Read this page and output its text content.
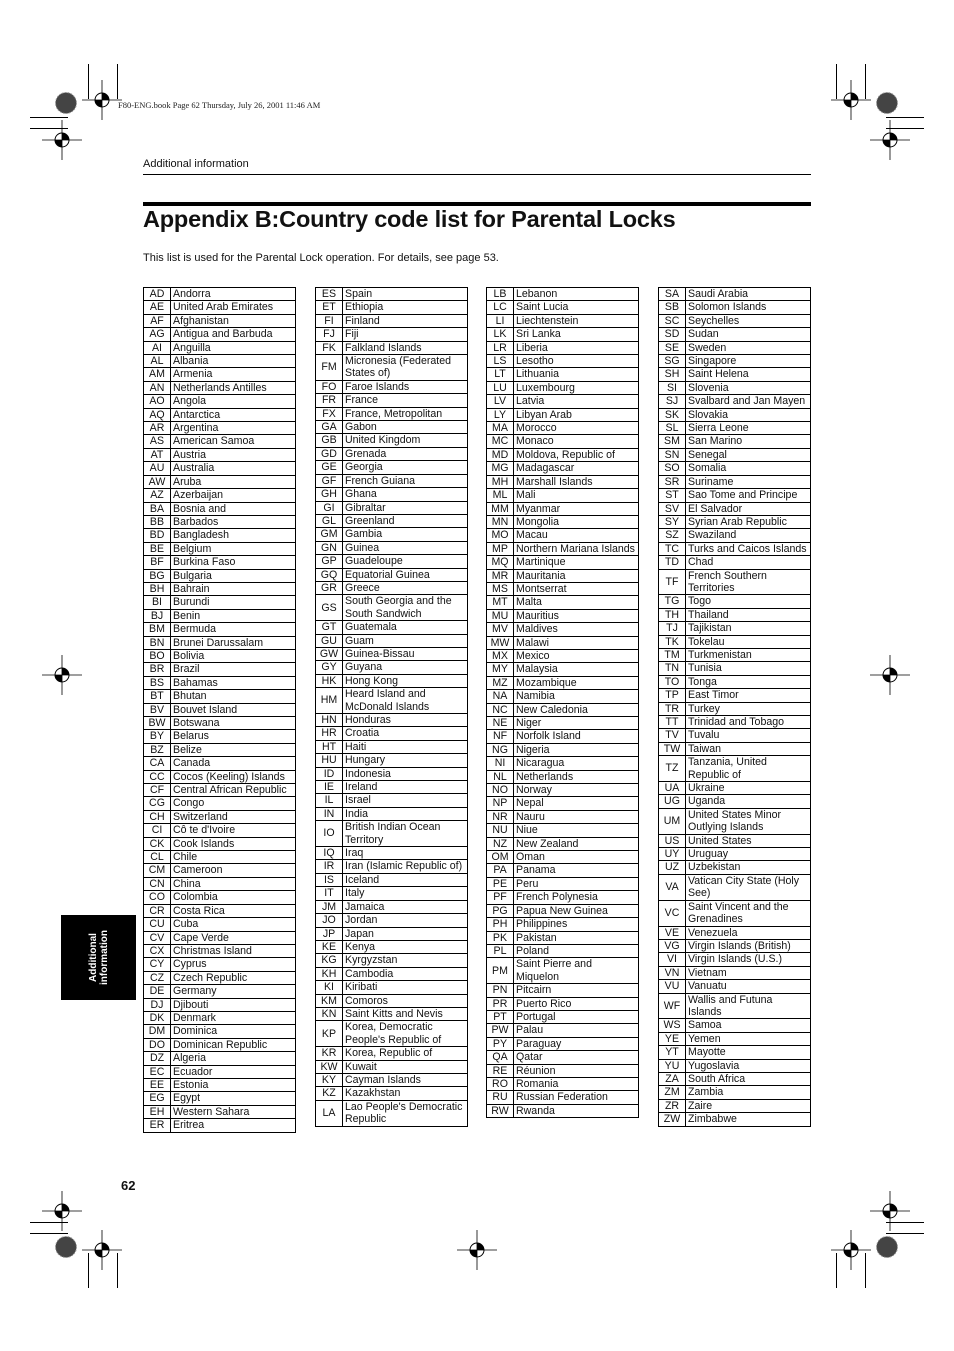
F80-ENG.book Page 62 Thursday, July 26, 2001 11:46 AM
Additional information
Appendix B:Country code list for Parental Locks
This list is used for the Parental Lock operation. For details, see page 53.
AD	Andorra
AE	United Arab Emirates
AF	Afghanistan
AG	Antigua and Barbuda
AI	Anguilla
AL	Albania
AM	Armenia
AN	Netherlands Antilles
AO	Angola
AQ	Antarctica
AR	Argentina
AS	American Samoa
AT	Austria
AU	Australia
AW	Aruba
AZ	Azerbaijan
BA	Bosnia and
BB	Barbados
BD	Bangladesh
BE	Belgium
BF	Burkina Faso
BG	Bulgaria
BH	Bahrain
BI	Burundi
BJ	Benin
BM	Bermuda
BN	Brunei Darussalam
BO	Bolivia
BR	Brazil
BS	Bahamas
BT	Bhutan
BV	Bouvet Island
BW	Botswana
BY	Belarus
BZ	Belize
CA	Canada
CC	Cocos (Keeling) Islands
CF	Central African Republic
CG	Congo
CH	Switzerland
CI	Cô te d'Ivoire
CK	Cook Islands
CL	Chile
CM	Cameroon
CN	China
CO	Colombia
CR	Costa Rica
CU	Cuba
CV	Cape Verde
CX	Christmas Island
CY	Cyprus
CZ	Czech Republic
DE	Germany
DJ	Djibouti
DK	Denmark
DM	Dominica
DO	Dominican Republic
DZ	Algeria
EC	Ecuador
EE	Estonia
EG	Egypt
EH	Western Sahara
ER	Eritrea
ES	Spain
ET	Ethiopia
FI	Finland
FJ	Fiji
FK	Falkland Islands
FM	Micronesia (Federated States of)
FO	Faroe Islands
FR	France
FX	France, Metropolitan
GA	Gabon
GB	United Kingdom
GD	Grenada
GE	Georgia
GF	French Guiana
GH	Ghana
GI	Gibraltar
GL	Greenland
GM	Gambia
GN	Guinea
GP	Guadeloupe
GQ	Equatorial Guinea
GR	Greece
GS	South Georgia and the South Sandwich
GT	Guatemala
GU	Guam
GW	Guinea-Bissau
GY	Guyana
HK	Hong Kong
HM	Heard Island and McDonald Islands
HN	Honduras
HR	Croatia
HT	Haiti
HU	Hungary
ID	Indonesia
IE	Ireland
IL	Israel
IN	India
IO	British Indian Ocean Territory
IQ	Iraq
IR	Iran (Islamic Republic of)
IS	Iceland
IT	Italy
JM	Jamaica
JO	Jordan
JP	Japan
KE	Kenya
KG	Kyrgyzstan
KH	Cambodia
KI	Kiribati
KM	Comoros
KN	Saint Kitts and Nevis
KP	Korea, Democratic People's Republic of
KR	Korea, Republic of
KW	Kuwait
KY	Cayman Islands
KZ	Kazakhstan
LA	Lao People's Democratic Republic
LB	Lebanon
LC	Saint Lucia
LI	Liechtenstein
LK	Sri Lanka
LR	Liberia
LS	Lesotho
LT	Lithuania
LU	Luxembourg
LV	Latvia
LY	Libyan Arab
MA	Morocco
MC	Monaco
MD	Moldova, Republic of
MG	Madagascar
MH	Marshall Islands
ML	Mali
MM	Myanmar
MN	Mongolia
MO	Macau
MP	Northern Mariana Islands
MQ	Martinique
MR	Mauritania
MS	Montserrat
MT	Malta
MU	Mauritius
MV	Maldives
MW	Malawi
MX	Mexico
MY	Malaysia
MZ	Mozambique
NA	Namibia
NC	New Caledonia
NE	Niger
NF	Norfolk Island
NG	Nigeria
NI	Nicaragua
NL	Netherlands
NO	Norway
NP	Nepal
NR	Nauru
NU	Niue
NZ	New Zealand
OM	Oman
PA	Panama
PE	Peru
PF	French Polynesia
PG	Papua New Guinea
PH	Philippines
PK	Pakistan
PL	Poland
PM	Saint Pierre and Miquelon
PN	Pitcairn
PR	Puerto Rico
PT	Portugal
PW	Palau
PY	Paraguay
QA	Qatar
RE	Réunion
RO	Romania
RU	Russian Federation
RW	Rwanda
SA	Saudi Arabia
SB	Solomon Islands
SC	Seychelles
SD	Sudan
SE	Sweden
SG	Singapore
SH	Saint Helena
SI	Slovenia
SJ	Svalbard and Jan Mayen
SK	Slovakia
SL	Sierra Leone
SM	San Marino
SN	Senegal
SO	Somalia
SR	Suriname
ST	Sao Tome and Principe
SV	El Salvador
SY	Syrian Arab Republic
SZ	Swaziland
TC	Turks and Caicos Islands
TD	Chad
TF	French Southern Territories
TG	Togo
TH	Thailand
TJ	Tajikistan
TK	Tokelau
TM	Turkmenistan
TN	Tunisia
TO	Tonga
TP	East Timor
TR	Turkey
TT	Trinidad and Tobago
TV	Tuvalu
TW	Taiwan
TZ	Tanzania, United Republic of
UA	Ukraine
UG	Uganda
UM	United States Minor Outlying Islands
US	United States
UY	Uruguay
UZ	Uzbekistan
VA	Vatican City State (Holy See)
VC	Saint Vincent and the Grenadines
VE	Venezuela
VG	Virgin Islands (British)
VI	Virgin Islands (U.S.)
VN	Vietnam
VU	Vanuatu
WF	Wallis and Futuna Islands
WS	Samoa
YE	Yemen
YT	Mayotte
YU	Yugoslavia
ZA	South Africa
ZM	Zambia
ZR	Zaire
ZW	Zimbabwe
Additional information
62
